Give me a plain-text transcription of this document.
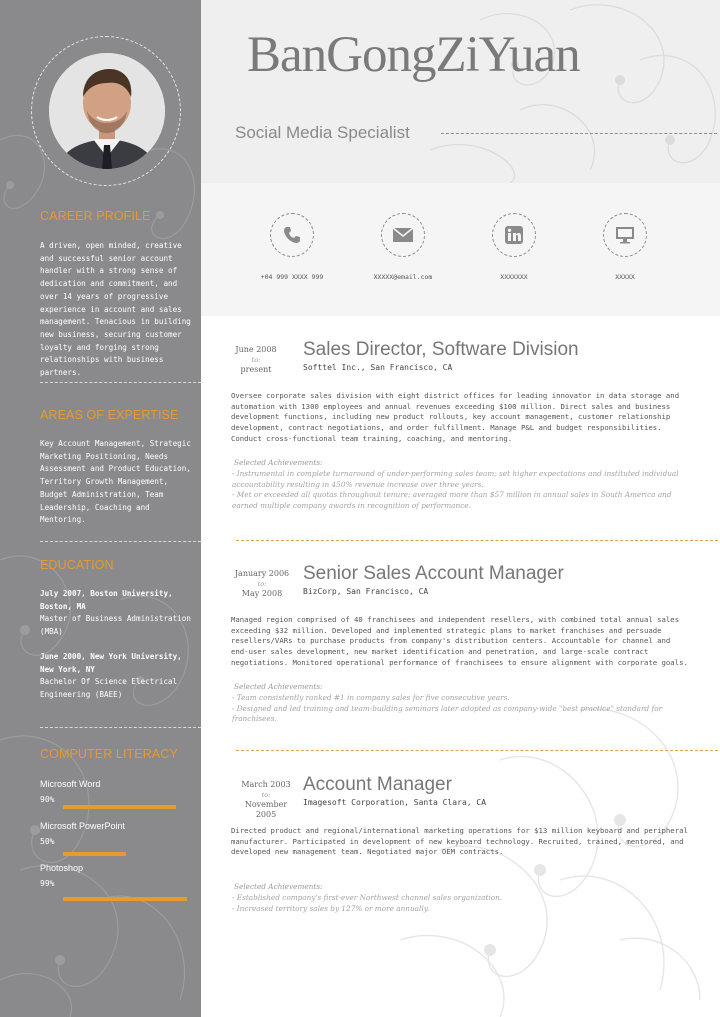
CAREER PROFILE
A driven, open minded, creative and successful senior account handler with a strong sense of dedication and commitment, and over 14 years of progressive experience in account and sales management. Tenacious in building new business, securing customer loyalty and forging strong relationships with business partners.
AREAS OF EXPERTISE
Key Account Management, Strategic Marketing Positioning, Needs Assessment and Product Education, Territory Growth Management, Budget Administration, Team Leadership, Coaching and Mentoring.
EDUCATION
July 2007, Boston University, Boston, MA
Master of Business Administration (MBA)
June 2000, New York University, New York, NY
Bachelor Of Science Electrical Engineering (BAEE)
COMPUTER LITERACY
Microsoft Word
90%
Microsoft PowerPoint
50%
Photoshop
99%
BanGongZiYuan
Social Media Specialist
+04 999 XXXX 999	XXXXX@email.com	XXXXXXX	XXXXX
June 2008
to:
present
Sales Director, Software Division
Softtel Inc., San Francisco, CA
Oversee corporate sales division with eight district offices for leading innovator in data storage and automation with 1300 employees and annual revenues exceeding $100 million. Direct sales and business development functions, including new product rollouts, key account management, customer relationship development, contract negotiations, and order fulfillment. Manage P&L and budget responsibilities. Conduct cross-functional team training, coaching, and mentoring.
Selected Achievements:
- Instrumental in complete turnaround of under-performing sales team; set higher expectations and instituted individual accountability resulting in 450% revenue increase over three years.
- Met or exceeded all quotas throughout tenure; averaged more than $57 million in annual sales in South America and earned multiple company awards in recognition of performance.
January 2006
to:
May 2008
Senior Sales Account Manager
BizCorp, San Francisco, CA
Managed region comprised of 40 franchisees and independent resellers, with combined total annual sales exceeding $32 million. Developed and implemented strategic plans to market franchises and persuade resellers/VARs to purchase products from company's distribution centers. Accountable for channel and end-user sales development, new market identification and penetration, and large-scale contract negotiations. Monitored operational performance of franchisees to ensure alignment with corporate goals.
Selected Achievements:
- Team consistently ranked #1 in company sales for five consecutive years.
- Designed and led training and team-building seminars later adopted as company-wide "best practice" standard for franchisees.
March 2003
to:
November 2005
Account Manager
Imagesoft Corporation, Santa Clara, CA
Directed product and regional/international marketing operations for $13 million keyboard and peripheral manufacturer. Participated in development of new keyboard technology. Recruited, trained, mentored, and developed new management team. Negotiated major OEM contracts.
Selected Achievements:
- Established company's first-ever Northwest channel sales organization.
- Increased territory sales by 127% or more annually.
